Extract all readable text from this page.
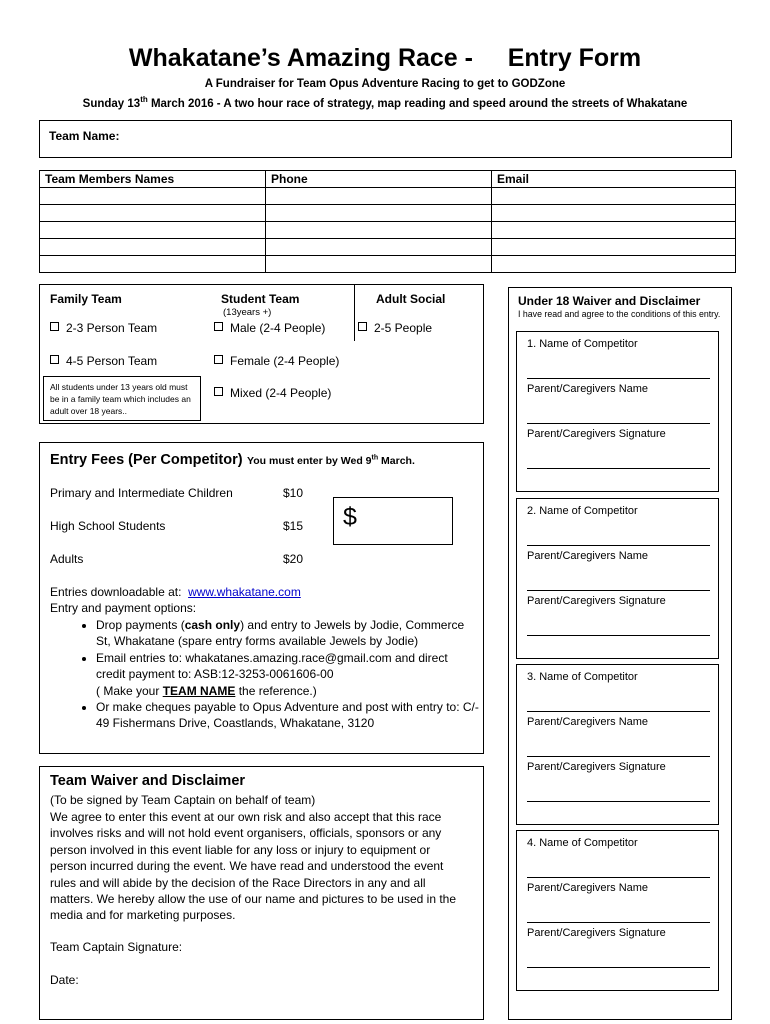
Whakatane’s Amazing Race -     Entry Form
A Fundraiser for Team Opus Adventure Racing to get to GODZone
Sunday 13th March 2016 - A two hour race of strategy, map reading and speed around the streets of Whakatane
Team Name:
Team Members Names	Phone	Email

Family Team
2-3 Person Team
4-5 Person Team
All students under 13 years old must be in a family team which includes an adult over 18 years..
Student Team
(13years +)
Male (2-4 People)
Female (2-4 People)
Mixed (2-4 People)
Adult Social
2-5 People
Entry Fees (Per Competitor) You must enter by Wed 9th March.
Primary and Intermediate Children	$10
High School Students	$15
Adults	$20
$
Entries downloadable at: www.whakatane.com
Entry and payment options:
• Drop payments (cash only) and entry to Jewels by Jodie, Commerce St, Whakatane (spare entry forms available Jewels by Jodie)
• Email entries to: whakatanes.amazing.race@gmail.com and direct credit payment to: ASB:12-3253-0061606-00
( Make your TEAM NAME the reference.)
• Or make cheques payable to Opus Adventure and post with entry to: C/- 49 Fishermans Drive, Coastlands, Whakatane, 3120
Team Waiver and Disclaimer
(To be signed by Team Captain on behalf of team)
We agree to enter this event at our own risk and also accept that this race involves risks and will not hold event organisers, officials, sponsors or any person involved in this event liable for any loss or injury to equipment or person incurred during the event. We have read and understood the event rules and will abide by the decision of the Race Directors in any and all matters. We hereby allow the use of our name and pictures to be used in the media and for marketing purposes.
Team Captain Signature:
Date:
Under 18 Waiver and Disclaimer
I have read and agree to the conditions of this entry.
1. Name of Competitor
Parent/Caregivers Name
Parent/Caregivers Signature
2. Name of Competitor
Parent/Caregivers Name
Parent/Caregivers Signature
3. Name of Competitor
Parent/Caregivers Name
Parent/Caregivers Signature
4. Name of Competitor
Parent/Caregivers Name
Parent/Caregivers Signature
